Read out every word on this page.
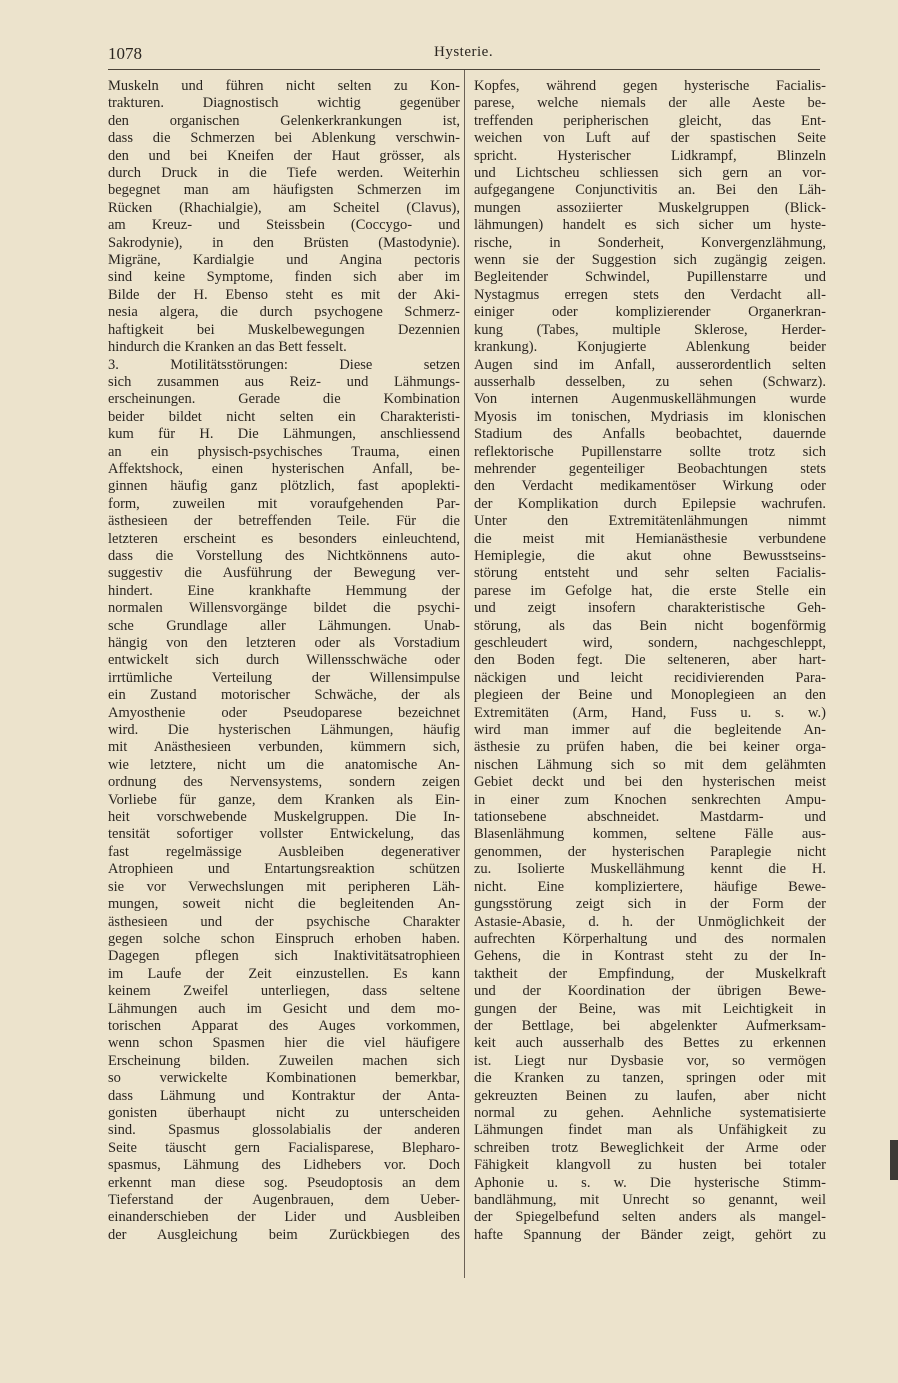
1078	Hysterie.
Muskeln und führen nicht selten zu Kon-
trakturen. Diagnostisch wichtig gegenüber
den organischen Gelenkerkrankungen ist,
dass die Schmerzen bei Ablenkung verschwin-
den und bei Kneifen der Haut grösser, als
durch Druck in die Tiefe werden. Weiterhin
begegnet man am häufigsten Schmerzen im
Rücken (Rhachialgie), am Scheitel (Clavus),
am Kreuz- und Steissbein (Coccygo- und
Sakrodynie), in den Brüsten (Mastodynie).
Migräne, Kardialgie und Angina pectoris
sind keine Symptome, finden sich aber im
Bilde der H. Ebenso steht es mit der Aki-
nesia algera, die durch psychogene Schmerz-
haftigkeit bei Muskelbewegungen Dezennien
hindurch die Kranken an das Bett fesselt.
3. Motilitätsstörungen: Diese setzen
sich zusammen aus Reiz- und Lähmungs-
erscheinungen. Gerade die Kombination
beider bildet nicht selten ein Charakteristi-
kum für H. Die Lähmungen, anschliessend
an ein physisch-psychisches Trauma, einen
Affektshock, einen hysterischen Anfall, be-
ginnen häufig ganz plötzlich, fast apoplekti-
form, zuweilen mit voraufgehenden Par-
ästhesieen der betreffenden Teile. Für die
letzteren erscheint es besonders einleuchtend,
dass die Vorstellung des Nichtkönnens auto-
suggestiv die Ausführung der Bewegung ver-
hindert. Eine krankhafte Hemmung der
normalen Willensvorgänge bildet die psychi-
sche Grundlage aller Lähmungen. Unab-
hängig von den letzteren oder als Vorstadium
entwickelt sich durch Willensschwäche oder
irrtümliche Verteilung der Willensimpulse
ein Zustand motorischer Schwäche, der als
Amyosthenie oder Pseudoparese bezeichnet
wird. Die hysterischen Lähmungen, häufig
mit Anästhesieen verbunden, kümmern sich,
wie letztere, nicht um die anatomische An-
ordnung des Nervensystems, sondern zeigen
Vorliebe für ganze, dem Kranken als Ein-
heit vorschwebende Muskelgruppen. Die In-
tensität sofortiger vollster Entwickelung, das
fast regelmässige Ausbleiben degenerativer
Atrophieen und Entartungsreaktion schützen
sie vor Verwechslungen mit peripheren Läh-
mungen, soweit nicht die begleitenden An-
ästhesieen und der psychische Charakter
gegen solche schon Einspruch erhoben haben.
Dagegen pflegen sich Inaktivitätsatrophieen
im Laufe der Zeit einzustellen. Es kann
keinem Zweifel unterliegen, dass seltene
Lähmungen auch im Gesicht und dem mo-
torischen Apparat des Auges vorkommen,
wenn schon Spasmen hier die viel häufigere
Erscheinung bilden. Zuweilen machen sich
so verwickelte Kombinationen bemerkbar,
dass Lähmung und Kontraktur der Anta-
gonisten überhaupt nicht zu unterscheiden
sind. Spasmus glossolabialis der anderen
Seite täuscht gern Facialisparese, Blepharo-
spasmus, Lähmung des Lidhebers vor. Doch
erkennt man diese sog. Pseudoptosis an dem
Tieferstand der Augenbrauen, dem Ueber-
einanderschieben der Lider und Ausbleiben
der Ausgleichung beim Zurückbiegen des
Kopfes, während gegen hysterische Facialis-
parese, welche niemals der alle Aeste be-
treffenden peripherischen gleicht, das Ent-
weichen von Luft auf der spastischen Seite
spricht. Hysterischer Lidkrampf, Blinzeln
und Lichtscheu schliessen sich gern an vor-
aufgegangene Conjunctivitis an. Bei den Läh-
mungen assoziierter Muskelgruppen (Blick-
lähmungen) handelt es sich sicher um hyste-
rische, in Sonderheit, Konvergenzlähmung,
wenn sie der Suggestion sich zugängig zeigen.
Begleitender Schwindel, Pupillenstarre und
Nystagmus erregen stets den Verdacht all-
einiger oder komplizierender Organerkran-
kung (Tabes, multiple Sklerose, Herder-
krankung). Konjugierte Ablenkung beider
Augen sind im Anfall, ausserordentlich selten
ausserhalb desselben, zu sehen (Schwarz).
Von internen Augenmuskellähmungen wurde
Myosis im tonischen, Mydriasis im klonischen
Stadium des Anfalls beobachtet, dauernde
reflektorische Pupillenstarre sollte trotz sich
mehrender gegenteiliger Beobachtungen stets
den Verdacht medikamentöser Wirkung oder
der Komplikation durch Epilepsie wachrufen.
Unter den Extremitätenlähmungen nimmt
die meist mit Hemianästhesie verbundene
Hemiplegie, die akut ohne Bewusstseins-
störung entsteht und sehr selten Facialis-
parese im Gefolge hat, die erste Stelle ein
und zeigt insofern charakteristische Geh-
störung, als das Bein nicht bogenförmig
geschleudert wird, sondern, nachgeschleppt,
den Boden fegt. Die selteneren, aber hart-
näckigen und leicht recidivierenden Para-
plegieen der Beine und Monoplegieen an den
Extremitäten (Arm, Hand, Fuss u. s. w.)
wird man immer auf die begleitende An-
ästhesie zu prüfen haben, die bei keiner orga-
nischen Lähmung sich so mit dem gelähmten
Gebiet deckt und bei den hysterischen meist
in einer zum Knochen senkrechten Ampu-
tationsebene abschneidet. Mastdarm- und
Blasenlähmung kommen, seltene Fälle aus-
genommen, der hysterischen Paraplegie nicht
zu. Isolierte Muskellähmung kennt die H.
nicht. Eine kompliziertere, häufige Bewe-
gungsstörung zeigt sich in der Form der
Astasie-Abasie, d. h. der Unmöglichkeit der
aufrechten Körperhaltung und des normalen
Gehens, die in Kontrast steht zu der In-
taktheit der Empfindung, der Muskelkraft
und der Koordination der übrigen Bewe-
gungen der Beine, was mit Leichtigkeit in
der Bettlage, bei abgelenkter Aufmerksam-
keit auch ausserhalb des Bettes zu erkennen
ist. Liegt nur Dysbasie vor, so vermögen
die Kranken zu tanzen, springen oder mit
gekreuzten Beinen zu laufen, aber nicht
normal zu gehen. Aehnliche systematisierte
Lähmungen findet man als Unfähigkeit zu
schreiben trotz Beweglichkeit der Arme oder
Fähigkeit klangvoll zu husten bei totaler
Aphonie u. s. w. Die hysterische Stimm-
bandlähmung, mit Unrecht so genannt, weil
der Spiegelbefund selten anders als mangel-
hafte Spannung der Bänder zeigt, gehört zu
